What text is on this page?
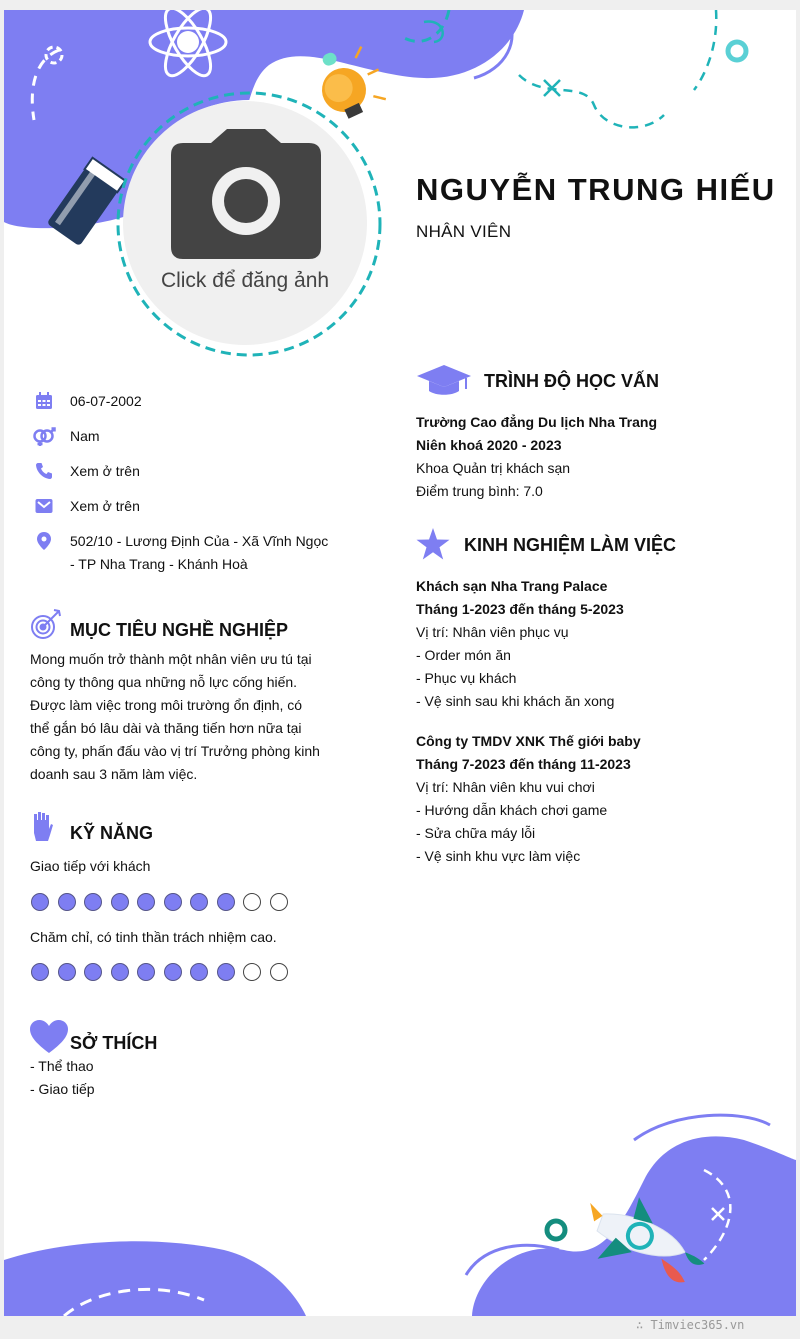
Click để đăng ảnh
NGUYỄN TRUNG HIẾU
NHÂN VIÊN
06-07-2002
Nam
Xem ở trên
Xem ở trên
502/10 - Lương Định Của - Xã Vĩnh Ngọc
- TP Nha Trang - Khánh Hoà
MỤC TIÊU NGHỀ NGHIỆP
Mong muốn trở thành một nhân viên ưu tú tại
công ty thông qua những nỗ lực cống hiến.
Được làm việc trong môi trường ổn định, có
thể gắn bó lâu dài và thăng tiến hơn nữa tại
công ty, phấn đấu vào vị trí Trưởng phòng kinh
doanh sau 3 năm làm việc.
KỸ NĂNG
Giao tiếp với khách
Chăm chỉ, có tinh thần trách nhiệm cao.
SỞ THÍCH
- Thể thao
- Giao tiếp
TRÌNH ĐỘ HỌC VẤN
Trường Cao đẳng Du lịch Nha Trang
Niên khoá 2020 - 2023
Khoa Quản trị khách sạn
Điểm trung bình: 7.0
KINH NGHIỆM LÀM VIỆC
Khách sạn Nha Trang Palace
Tháng 1-2023 đến tháng 5-2023
Vị trí: Nhân viên phục vụ
- Order món ăn
- Phục vụ khách
- Vệ sinh sau khi khách ăn xong
Công ty TMDV XNK Thế giới baby
Tháng 7-2023 đến tháng 11-2023
Vị trí: Nhân viên khu vui chơi
- Hướng dẫn khách chơi game
- Sửa chữa máy lỗi
- Vệ sinh khu vực làm việc
∴ Timviec365.vn
